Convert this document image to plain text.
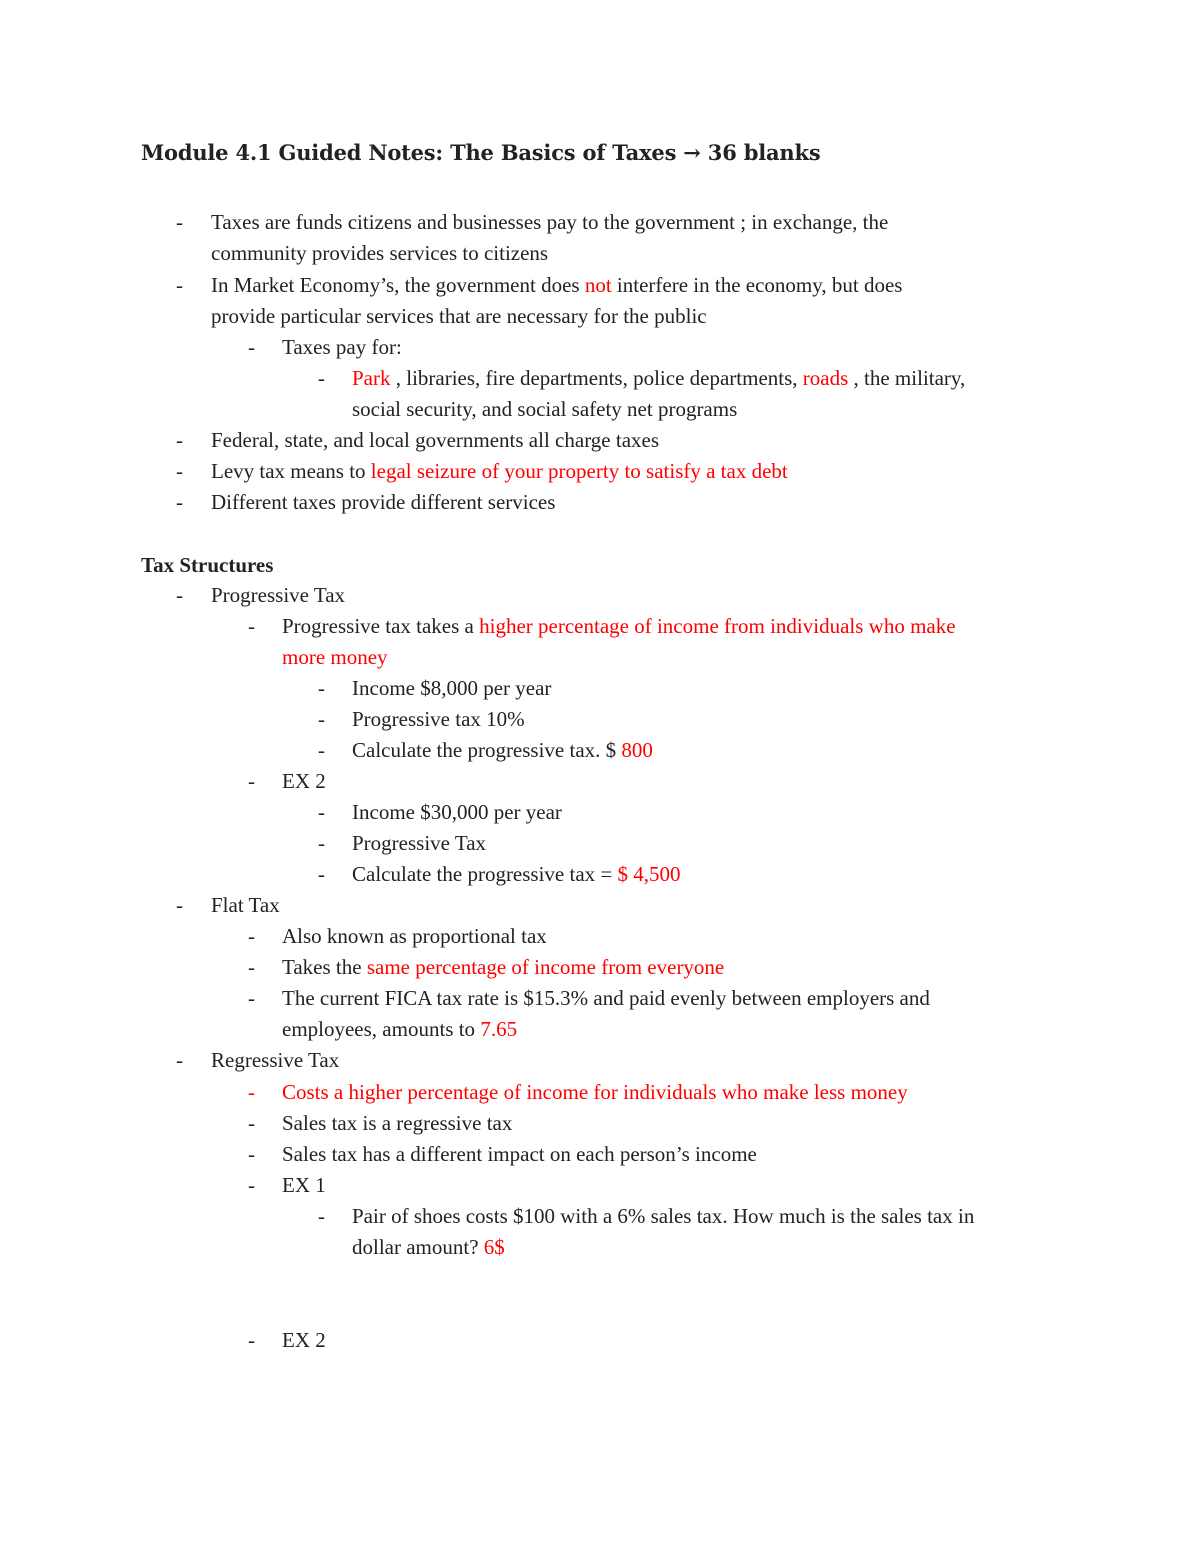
Module 4.1 Guided Notes: The Basics of Taxes → 36 blanks
- Taxes are funds citizens and businesses pay to the government ; in exchange, the
community provides services to citizens
- In Market Economy’s, the government does not interfere in the economy, but does
provide particular services that are necessary for the public
- Taxes pay for:
- Park , libraries, fire departments, police departments, roads , the military,
social security, and social safety net programs
- Federal, state, and local governments all charge taxes
- Levy tax means to legal seizure of your property to satisfy a tax debt
- Different taxes provide different services
Tax Structures
- Progressive Tax
- Progressive tax takes a higher percentage of income from individuals who make
more money
- Income $8,000 per year
- Progressive tax 10%
- Calculate the progressive tax. $ 800
- EX 2
- Income $30,000 per year
- Progressive Tax
- Calculate the progressive tax = $ 4,500
- Flat Tax
- Also known as proportional tax
- Takes the same percentage of income from everyone
- The current FICA tax rate is $15.3% and paid evenly between employers and
employees, amounts to 7.65
- Regressive Tax
- Costs a higher percentage of income for individuals who make less money
- Sales tax is a regressive tax
- Sales tax has a different impact on each person’s income
- EX 1
- Pair of shoes costs $100 with a 6% sales tax. How much is the sales tax in
dollar amount? 6$
- EX 2
